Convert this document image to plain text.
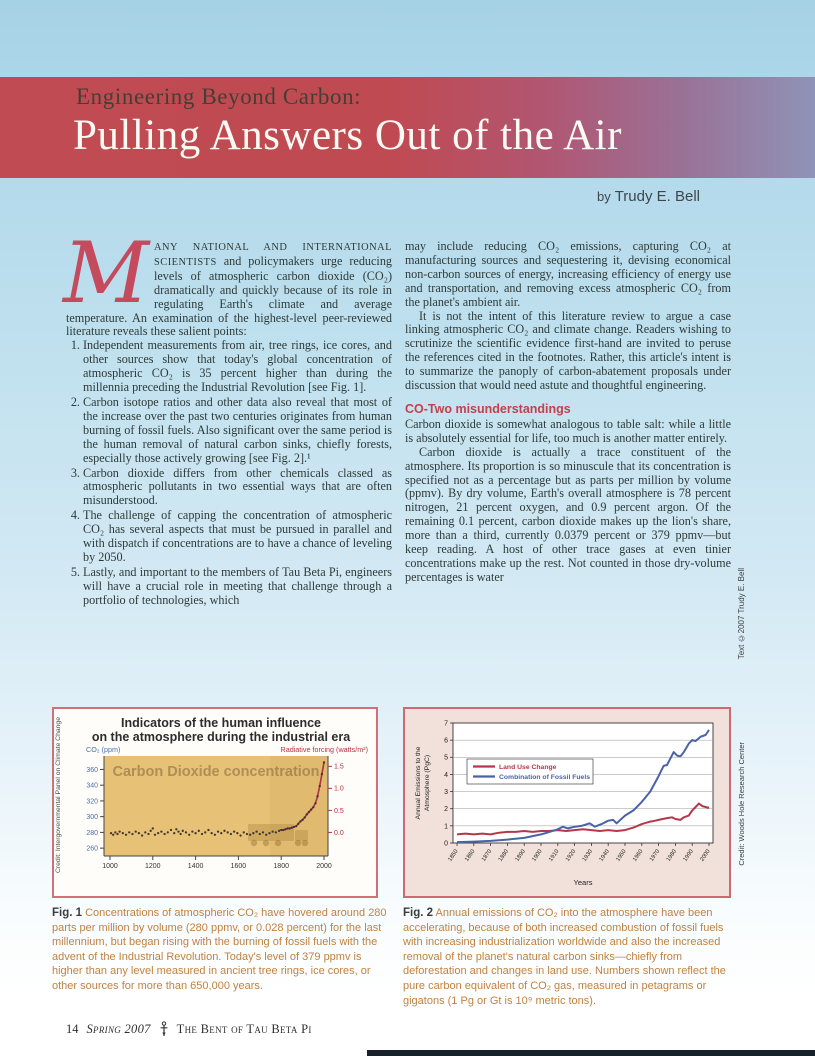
Engineering Beyond Carbon:
Pulling Answers Out of the Air
by Trudy E. Bell

M ANY NATIONAL AND INTERNATIONAL SCIENTISTS and policymakers urge reducing levels of atmospheric carbon dioxide (CO₂) dramatically and quickly because of its role in regulating Earth's climate and average temperature. An examination of the highest-level peer-reviewed literature reveals these salient points:

1. Independent measurements from air, tree rings, ice cores, and other sources show that today's global concentration of atmospheric CO₂ is 35 percent higher than during the millennia preceding the Industrial Revolution [see Fig. 1].
2. Carbon isotope ratios and other data also reveal that most of the increase over the past two centuries originates from human burning of fossil fuels. Also significant over the same period is the human removal of natural carbon sinks, chiefly forests, especially those actively growing [see Fig. 2].¹
3. Carbon dioxide differs from other chemicals classed as atmospheric pollutants in two essential ways that are often misunderstood.
4. The challenge of capping the concentration of atmospheric CO₂ has several aspects that must be pursued in parallel and with dispatch if concentrations are to have a chance of leveling by 2050.
5. Lastly, and important to the members of Tau Beta Pi, engineers will have a crucial role in meeting that challenge through a portfolio of technologies, which

may include reducing CO₂ emissions, capturing CO₂ at manufacturing sources and sequestering it, devising economical non-carbon sources of energy, increasing efficiency of energy use and transportation, and removing excess atmospheric CO₂ from the planet's ambient air.

It is not the intent of this literature review to argue a case linking atmospheric CO₂ and climate change. Readers wishing to scrutinize the scientific evidence first-hand are invited to peruse the references cited in the footnotes. Rather, this article's intent is to summarize the panoply of carbon-abatement proposals under discussion that would need astute and thoughtful engineering.

CO-Two misunderstandings

Carbon dioxide is somewhat analogous to table salt: while a little is absolutely essential for life, too much is another matter entirely.

Carbon dioxide is actually a trace constituent of the atmosphere. Its proportion is so minuscule that its concentration is specified not as a percentage but as parts per million by volume (ppmv). By dry volume, Earth's overall atmosphere is 78 percent nitrogen, 21 percent oxygen, and 0.9 percent argon. Of the remaining 0.1 percent, carbon dioxide makes up the lion's share, more than a third, currently 0.0379 percent or 379 ppmv—but keep reading. A host of other trace gases at even tinier concentrations make up the rest. Not counted in those dry-volume percentages is water	Text ©2007 Trudy E. Bell
Credit: Woods Hole Research Center
Indicators of the human influence
on the atmosphere during the industrial era
CO₂ (ppm)	Radiative forcing (watts/m²)
Carbon Dioxide concentration
260
280
300
320
340
360
0.0
0.5
1.0
1.5
1000	1200	1400	1600	1800	2000
Credit: Intergovernmental Panel on Climate Change	0
1
2
3
4
5
6
7
1850 1860 1870 1880 1890 1900 1910 1920 1930 1940 1950 1960 1970 1980 1990 2000
Land Use Change
Combination of Fossil Fuels
Annual Emissions to the Atmosphere (PgC)
Years
Fig. 1 Concentrations of atmospheric CO₂ have hovered around 280 parts per million by volume (280 ppmv, or 0.028 percent) for the last millennium, but began rising with the burning of fossil fuels with the advent of the Industrial Revolution. Today's level of 379 ppmv is higher than any level measured in ancient tree rings, ice cores, or other sources for more than 650,000 years.
Fig. 2 Annual emissions of CO₂ into the atmosphere have been accelerating, because of both increased combustion of fossil fuels with increasing industrialization worldwide and also the increased removal of the planet's natural carbon sinks—chiefly from deforestation and changes in land use. Numbers shown reflect the pure carbon equivalent of CO₂ gas, measured in petagrams or gigatons (1 Pg or Gt is 10⁹ metric tons).
14 Spring 2007 The Bent of Tau Beta Pi
